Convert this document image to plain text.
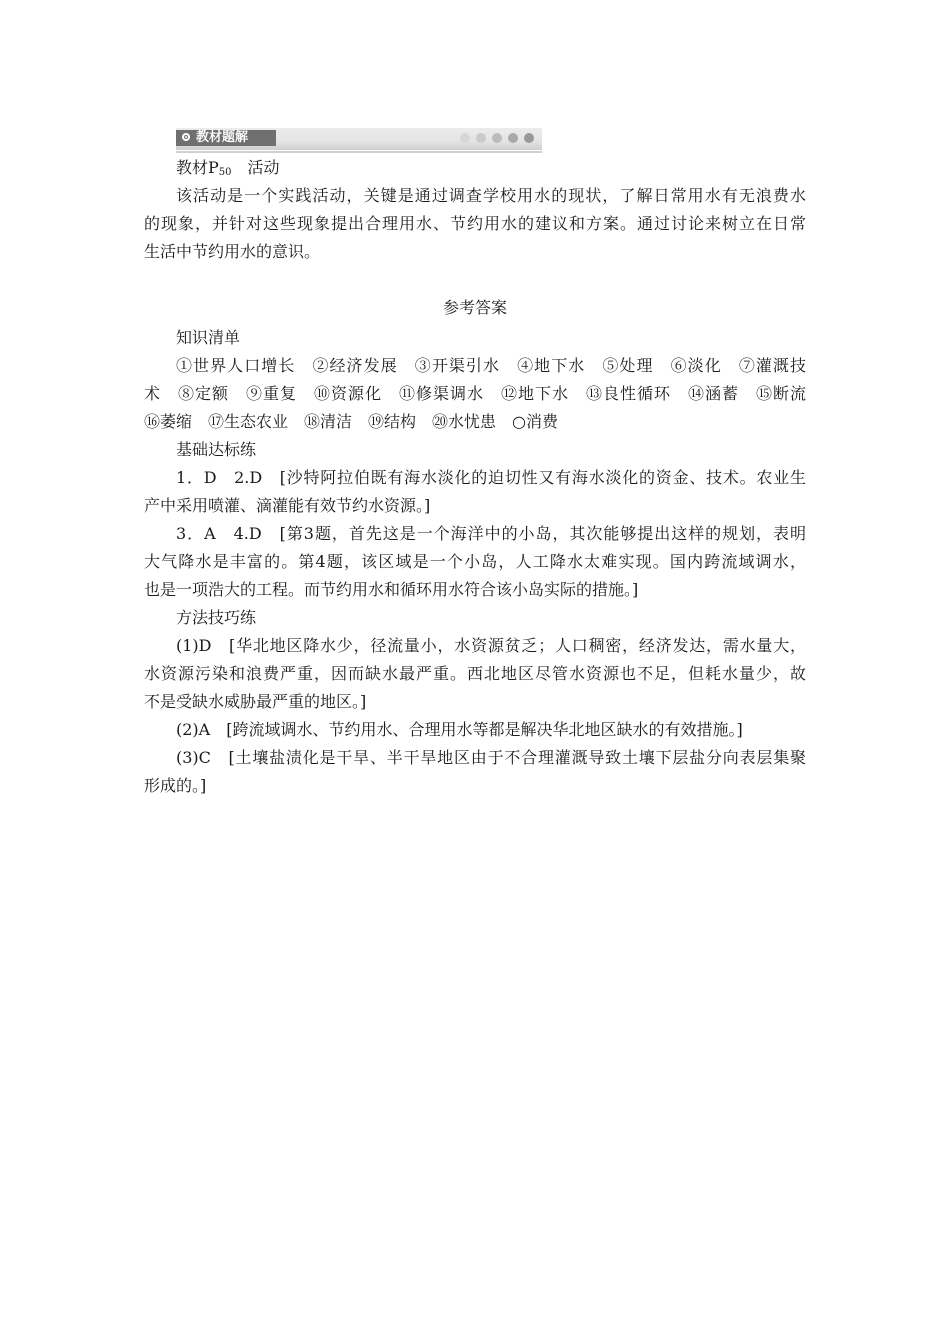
教材题解
教材$P_{50}$　活动
该活动是一个实践活动，关键是通过调查学校用水的现状，了解日常用水有无浪费水
的现象，并针对这些现象提出合理用水、节约用水的建议和方案。通过讨论来树立在日常
生活中节约用水的意识。
参考答案
知识清单
①世界人口增长　②经济发展　③开渠引水　④地下水　⑤处理　⑥淡化　⑦灌溉技
术　⑧定额　⑨重复　⑩资源化　⑪修渠调水　⑫地下水　⑬良性循环　⑭涵蓄　⑮断流
⑯萎缩　⑰生态农业　⑱清洁　⑲结构　⑳水忧患　○消费
基础达标练
1．D　2.D　[沙特阿拉伯既有海水淡化的迫切性又有海水淡化的资金、技术。农业生
产中采用喷灌、滴灌能有效节约水资源。]
3．A　4.D　[第3题，首先这是一个海洋中的小岛，其次能够提出这样的规划，表明
大气降水是丰富的。第4题，该区域是一个小岛，人工降水太难实现。国内跨流域调水，
也是一项浩大的工程。而节约用水和循环用水符合该小岛实际的措施。]
方法技巧练
(1)D　[华北地区降水少，径流量小，水资源贫乏；人口稠密，经济发达，需水量大，
水资源污染和浪费严重，因而缺水最严重。西北地区尽管水资源也不足，但耗水量少，故
不是受缺水威胁最严重的地区。]
(2)A　[跨流域调水、节约用水、合理用水等都是解决华北地区缺水的有效措施。]
(3)C　[土壤盐渍化是干旱、半干旱地区由于不合理灌溉导致土壤下层盐分向表层集聚
形成的。]
